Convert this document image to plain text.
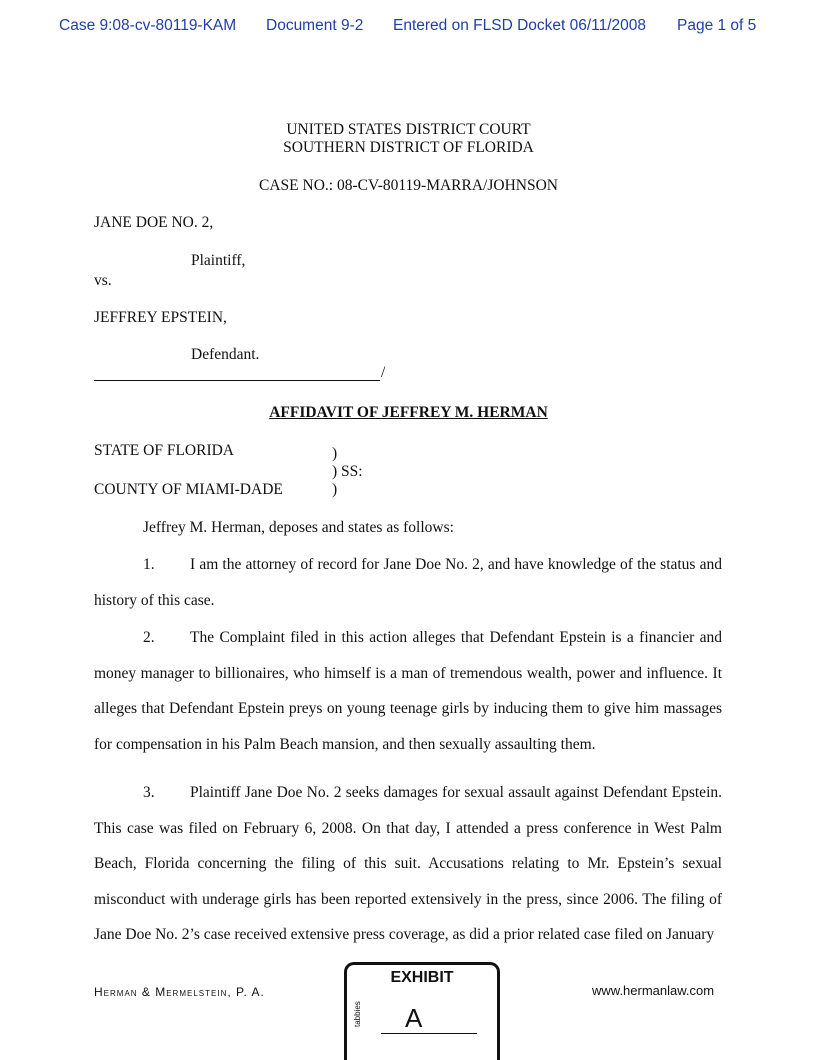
Case 9:08-cv-80119-KAM Document 9-2 Entered on FLSD Docket 06/11/2008 Page 1 of 5
UNITED STATES DISTRICT COURT
SOUTHERN DISTRICT OF FLORIDA
CASE NO.: 08-CV-80119-MARRA/JOHNSON
JANE DOE NO. 2,
Plaintiff,
vs.
JEFFREY EPSTEIN,
Defendant.
/
AFFIDAVIT OF JEFFREY M. HERMAN
STATE OF FLORIDA	)
) SS:
COUNTY OF MIAMI-DADE	)
Jeffrey M. Herman, deposes and states as follows:
1. I am the attorney of record for Jane Doe No. 2, and have knowledge of the status and history of this case.
2. The Complaint filed in this action alleges that Defendant Epstein is a financier and money manager to billionaires, who himself is a man of tremendous wealth, power and influence. It alleges that Defendant Epstein preys on young teenage girls by inducing them to give him massages for compensation in his Palm Beach mansion, and then sexually assaulting them.
3. Plaintiff Jane Doe No. 2 seeks damages for sexual assault against Defendant Epstein. This case was filed on February 6, 2008. On that day, I attended a press conference in West Palm Beach, Florida concerning the filing of this suit. Accusations relating to Mr. Epstein’s sexual misconduct with underage girls has been reported extensively in the press, since 2006. The filing of Jane Doe No. 2’s case received extensive press coverage, as did a prior related case filed on January
Herman & Mermelstein, P. A.	www.hermanlaw.com
EXHIBIT
tabbies A
